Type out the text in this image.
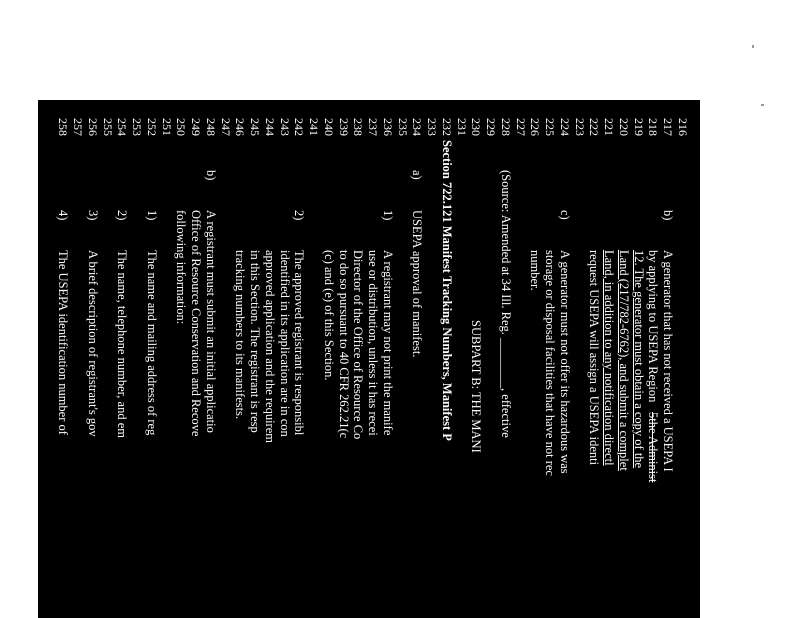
216
217
b)
A generator that has not received a USEPA I
218
by applying to USEPA Region
5the Administ
219
12. The generator must obtain a copy of the
220
Land (217/782-6762), and submit a complet
221
Land, in addition to any notification directl
222
request USEPA will assign a USEPA identi
223
224
c)
A generator must not offer its hazardous was
225
storage or disposal facilities that have not rec
226
number.
227
228
(Source: Amended at 34 Ill. Reg. ________, effective
229
230
SUBPART B: THE MANI
231
232
Section 722.121 Manifest Tracking Numbers, Manifest P
233
234
a)
USEPA approval of manifest.
235
236
1)
A registrant may not print the manife
237
use or distribution, unless it has recei
238
Director of the Office of Resource Co
239
to do so pursuant to 40 CFR 262.21(c
240
(c) and (e) of this Section.
241
242
2)
The approved registrant is responsibl
243
identified in its application are in con
244
approved application and the requirem
245
in this Section. The registrant is resp
246
tracking numbers to its manifests.
247
248
b)
A registrant must submit an initial applicatio
249
Office of Resource Conservation and Recove
250
following information:
251
252
1)
The name and mailing address of reg
253
254
2)
The name, telephone number, and em
255
256
3)
A brief description of registrant's gov
257
258
4)
The USEPA identification number of
